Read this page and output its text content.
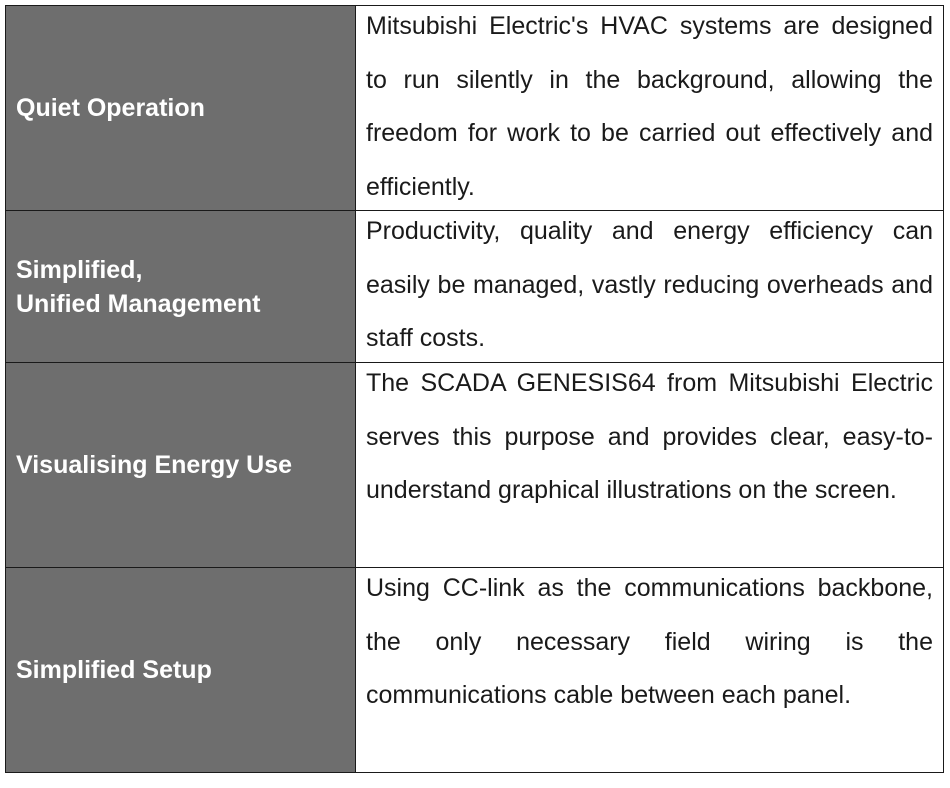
Quiet Operation	Mitsubishi Electric's HVAC systems are designed to run silently in the background, allowing the freedom for work to be carried out effectively and efficiently.

Simplified,
Unified Management	Productivity, quality and energy efficiency can easily be managed, vastly reducing overheads and staff costs.

Visualising Energy Use	The SCADA GENESIS64 from Mitsubishi Electric serves this purpose and provides clear, easy-to-understand graphical illustrations on the screen.

Simplified Setup	Using CC-link as the communications backbone, the only necessary field wiring is the communications cable between each panel.
